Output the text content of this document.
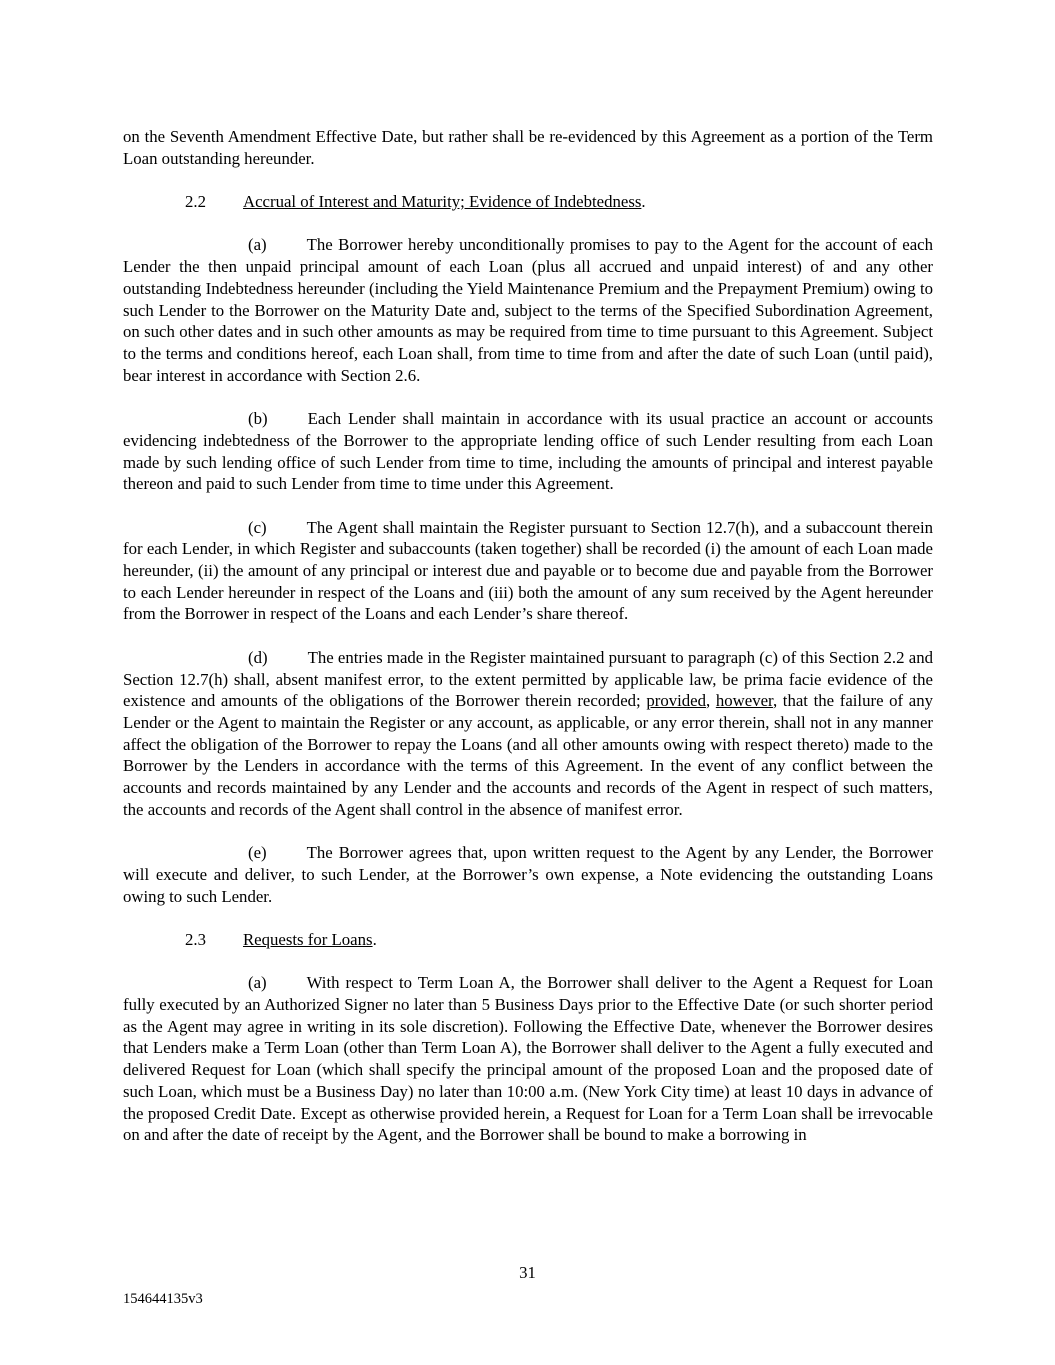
on the Seventh Amendment Effective Date, but rather shall be re-evidenced by this Agreement as a portion of the Term Loan outstanding hereunder.

2.2 Accrual of Interest and Maturity; Evidence of Indebtedness.

(a) The Borrower hereby unconditionally promises to pay to the Agent for the account of each Lender the then unpaid principal amount of each Loan (plus all accrued and unpaid interest) of and any other outstanding Indebtedness hereunder (including the Yield Maintenance Premium and the Prepayment Premium) owing to such Lender to the Borrower on the Maturity Date and, subject to the terms of the Specified Subordination Agreement, on such other dates and in such other amounts as may be required from time to time pursuant to this Agreement. Subject to the terms and conditions hereof, each Loan shall, from time to time from and after the date of such Loan (until paid), bear interest in accordance with Section 2.6.

(b) Each Lender shall maintain in accordance with its usual practice an account or accounts evidencing indebtedness of the Borrower to the appropriate lending office of such Lender resulting from each Loan made by such lending office of such Lender from time to time, including the amounts of principal and interest payable thereon and paid to such Lender from time to time under this Agreement.

(c) The Agent shall maintain the Register pursuant to Section 12.7(h), and a subaccount therein for each Lender, in which Register and subaccounts (taken together) shall be recorded (i) the amount of each Loan made hereunder, (ii) the amount of any principal or interest due and payable or to become due and payable from the Borrower to each Lender hereunder in respect of the Loans and (iii) both the amount of any sum received by the Agent hereunder from the Borrower in respect of the Loans and each Lender’s share thereof.

(d) The entries made in the Register maintained pursuant to paragraph (c) of this Section 2.2 and Section 12.7(h) shall, absent manifest error, to the extent permitted by applicable law, be prima facie evidence of the existence and amounts of the obligations of the Borrower therein recorded; provided, however, that the failure of any Lender or the Agent to maintain the Register or any account, as applicable, or any error therein, shall not in any manner affect the obligation of the Borrower to repay the Loans (and all other amounts owing with respect thereto) made to the Borrower by the Lenders in accordance with the terms of this Agreement. In the event of any conflict between the accounts and records maintained by any Lender and the accounts and records of the Agent in respect of such matters, the accounts and records of the Agent shall control in the absence of manifest error.

(e) The Borrower agrees that, upon written request to the Agent by any Lender, the Borrower will execute and deliver, to such Lender, at the Borrower’s own expense, a Note evidencing the outstanding Loans owing to such Lender.

2.3 Requests for Loans.

(a) With respect to Term Loan A, the Borrower shall deliver to the Agent a Request for Loan fully executed by an Authorized Signer no later than 5 Business Days prior to the Effective Date (or such shorter period as the Agent may agree in writing in its sole discretion). Following the Effective Date, whenever the Borrower desires that Lenders make a Term Loan (other than Term Loan A), the Borrower shall deliver to the Agent a fully executed and delivered Request for Loan (which shall specify the principal amount of the proposed Loan and the proposed date of such Loan, which must be a Business Day) no later than 10:00 a.m. (New York City time) at least 10 days in advance of the proposed Credit Date. Except as otherwise provided herein, a Request for Loan for a Term Loan shall be irrevocable on and after the date of receipt by the Agent, and the Borrower shall be bound to make a borrowing in

31
154644135v3
